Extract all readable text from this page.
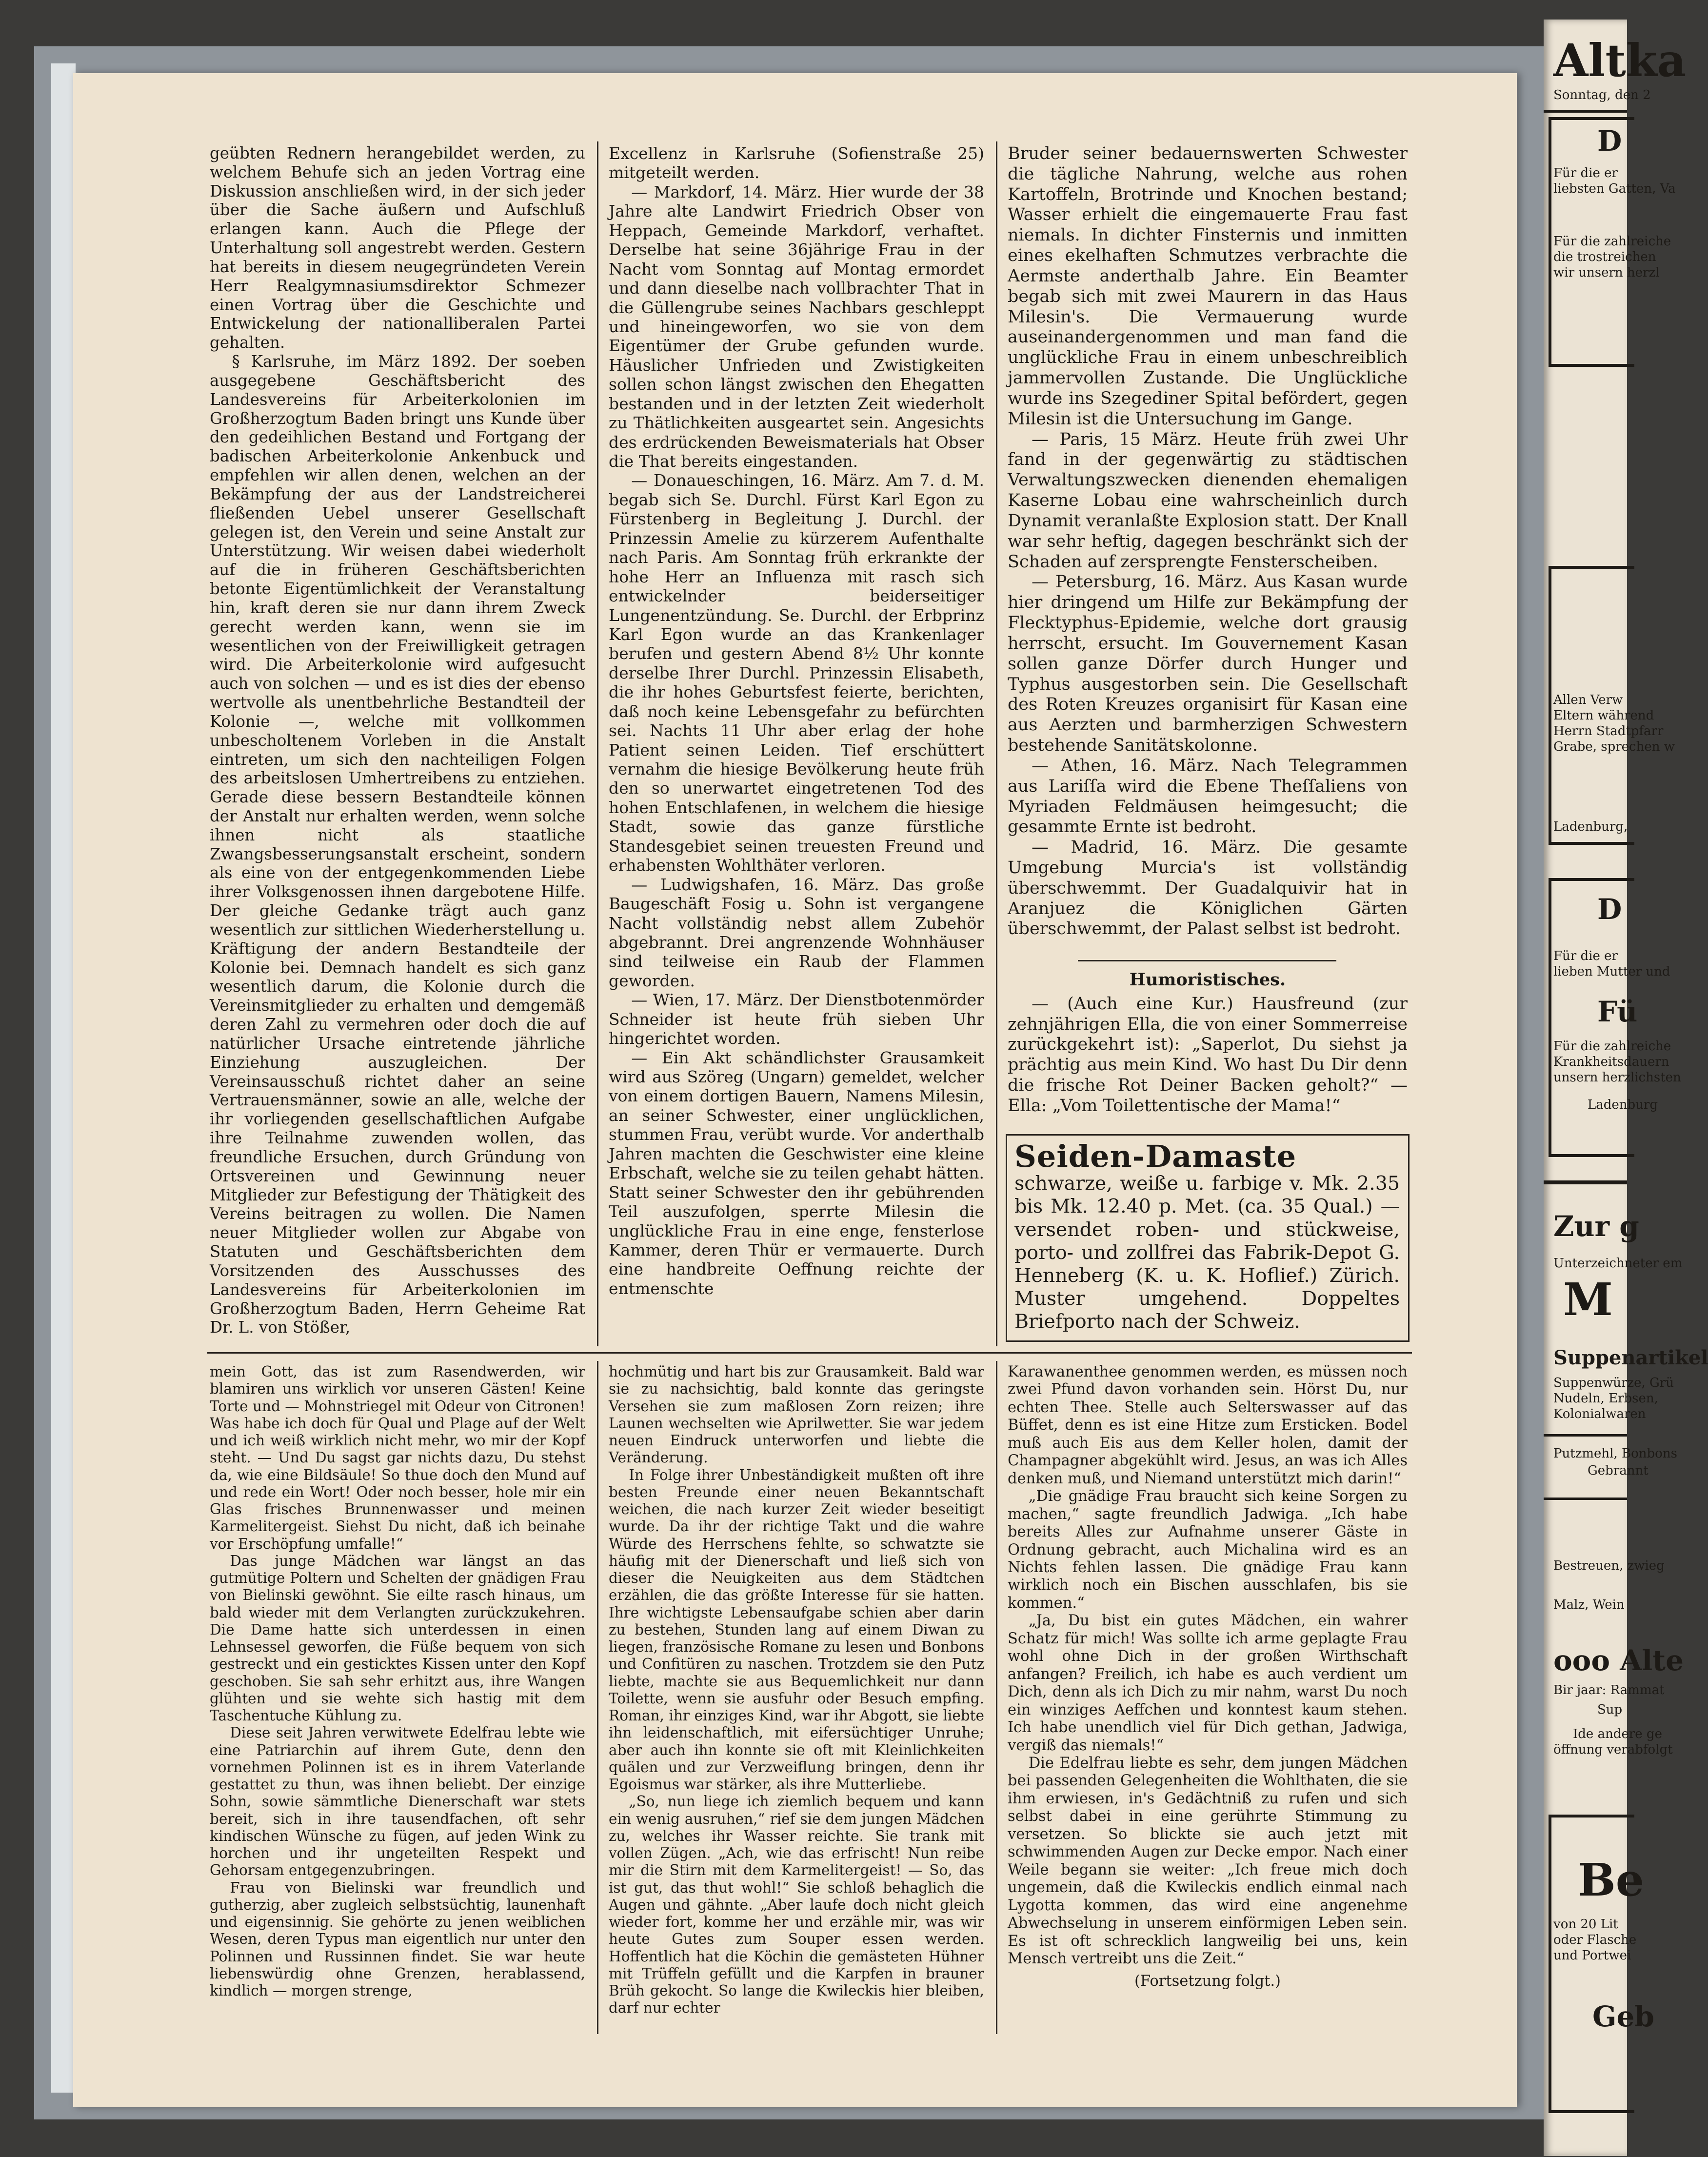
geübten Rednern herangebildet werden, zu welchem Behufe sich an jeden Vortrag eine Diskussion anschließen wird, in der sich jeder über die Sache äußern und Aufschluß erlangen kann. Auch die Pflege der Unterhaltung soll angestrebt werden. Gestern hat bereits in diesem neugegründeten Verein Herr Realgymnasiumsdirektor Schmezer einen Vortrag über die Geschichte und Entwickelung der nationalliberalen Partei gehalten.

§ Karlsruhe, im März 1892. Der soeben ausgegebene Geschäftsbericht des Landesvereins für Arbeiterkolonien im Großherzogtum Baden bringt uns Kunde über den gedeihlichen Bestand und Fortgang der badischen Arbeiterkolonie Ankenbuck und empfehlen wir allen denen, welchen an der Bekämpfung der aus der Landstreicherei fließenden Uebel unserer Gesellschaft gelegen ist, den Verein und seine Anstalt zur Unterstützung. Wir weisen dabei wiederholt auf die in früheren Geschäftsberichten betonte Eigentümlichkeit der Veranstaltung hin, kraft deren sie nur dann ihrem Zweck gerecht werden kann, wenn sie im wesentlichen von der Freiwilligkeit getragen wird. Die Arbeiterkolonie wird aufgesucht auch von solchen — und es ist dies der ebenso wertvolle als unentbehrliche Bestandteil der Kolonie —, welche mit vollkommen unbescholtenem Vorleben in die Anstalt eintreten, um sich den nachteiligen Folgen des arbeitslosen Umhertreibens zu entziehen. Gerade diese bessern Bestandteile können der Anstalt nur erhalten werden, wenn solche ihnen nicht als staatliche Zwangsbesserungsanstalt erscheint, sondern als eine von der entgegenkommenden Liebe ihrer Volksgenossen ihnen dargebotene Hilfe. Der gleiche Gedanke trägt auch ganz wesentlich zur sittlichen Wiederherstellung u. Kräftigung der andern Bestandteile der Kolonie bei. Demnach handelt es sich ganz wesentlich darum, die Kolonie durch die Vereinsmitglieder zu erhalten und demgemäß deren Zahl zu vermehren oder doch die auf natürlicher Ursache eintretende jährliche Einziehung auszugleichen. Der Vereinsausschuß richtet daher an seine Vertrauensmänner, sowie an alle, welche der ihr vorliegenden gesellschaftlichen Aufgabe ihre Teilnahme zuwenden wollen, das freundliche Ersuchen, durch Gründung von Ortsvereinen und Gewinnung neuer Mitglieder zur Befestigung der Thätigkeit des Vereins beitragen zu wollen. Die Namen neuer Mitglieder wollen zur Abgabe von Statuten und Geschäftsberichten dem Vorsitzenden des Ausschusses des Landesvereins für Arbeiterkolonien im Großherzogtum Baden, Herrn Geheime Rat Dr. L. von Stößer,

Excellenz in Karlsruhe (Sofienstraße 25) mitgeteilt werden.

— Markdorf, 14. März. Hier wurde der 38 Jahre alte Landwirt Friedrich Obser von Heppach, Gemeinde Markdorf, verhaftet. Derselbe hat seine 36jährige Frau in der Nacht vom Sonntag auf Montag ermordet und dann dieselbe nach vollbrachter That in die Güllengrube seines Nachbars geschleppt und hineingeworfen, wo sie von dem Eigentümer der Grube gefunden wurde. Häuslicher Unfrieden und Zwistigkeiten sollen schon längst zwischen den Ehegatten bestanden und in der letzten Zeit wiederholt zu Thätlichkeiten ausgeartet sein. Angesichts des erdrückenden Beweismaterials hat Obser die That bereits eingestanden.

— Donaueschingen, 16. März. Am 7. d. M. begab sich Se. Durchl. Fürst Karl Egon zu Fürstenberg in Begleitung J. Durchl. der Prinzessin Amelie zu kürzerem Aufenthalte nach Paris. Am Sonntag früh erkrankte der hohe Herr an Influenza mit rasch sich entwickelnder beiderseitiger Lungenentzündung. Se. Durchl. der Erbprinz Karl Egon wurde an das Krankenlager berufen und gestern Abend 8½ Uhr konnte derselbe Ihrer Durchl. Prinzessin Elisabeth, die ihr hohes Geburtsfest feierte, berichten, daß noch keine Lebensgefahr zu befürchten sei. Nachts 11 Uhr aber erlag der hohe Patient seinen Leiden. Tief erschüttert vernahm die hiesige Bevölkerung heute früh den so unerwartet eingetretenen Tod des hohen Entschlafenen, in welchem die hiesige Stadt, sowie das ganze fürstliche Standesgebiet seinen treuesten Freund und erhabensten Wohlthäter verloren.

— Ludwigshafen, 16. März. Das große Baugeschäft Fosig u. Sohn ist vergangene Nacht vollständig nebst allem Zubehör abgebrannt. Drei angrenzende Wohnhäuser sind teilweise ein Raub der Flammen geworden.

— Wien, 17. März. Der Dienstbotenmörder Schneider ist heute früh sieben Uhr hingerichtet worden.

— Ein Akt schändlichster Grausamkeit wird aus Szöreg (Ungarn) gemeldet, welcher von einem dortigen Bauern, Namens Milesin, an seiner Schwester, einer unglücklichen, stummen Frau, verübt wurde. Vor anderthalb Jahren machten die Geschwister eine kleine Erbschaft, welche sie zu teilen gehabt hätten. Statt seiner Schwester den ihr gebührenden Teil auszufolgen, sperrte Milesin die unglückliche Frau in eine enge, fensterlose Kammer, deren Thür er vermauerte. Durch eine handbreite Oeffnung reichte der entmenschte

Bruder seiner bedauernswerten Schwester die tägliche Nahrung, welche aus rohen Kartoffeln, Brotrinde und Knochen bestand; Wasser erhielt die eingemauerte Frau fast niemals. In dichter Finsternis und inmitten eines ekelhaften Schmutzes verbrachte die Aermste anderthalb Jahre. Ein Beamter begab sich mit zwei Maurern in das Haus Milesin's. Die Vermauerung wurde auseinandergenommen und man fand die unglückliche Frau in einem unbeschreiblich jammervollen Zustande. Die Unglückliche wurde ins Szegediner Spital befördert, gegen Milesin ist die Untersuchung im Gange.

— Paris, 15 März. Heute früh zwei Uhr fand in der gegenwärtig zu städtischen Verwaltungszwecken dienenden ehemaligen Kaserne Lobau eine wahrscheinlich durch Dynamit veranlaßte Explosion statt. Der Knall war sehr heftig, dagegen beschränkt sich der Schaden auf zersprengte Fensterscheiben.

— Petersburg, 16. März. Aus Kasan wurde hier dringend um Hilfe zur Bekämpfung der Flecktyphus-Epidemie, welche dort grausig herrscht, ersucht. Im Gouvernement Kasan sollen ganze Dörfer durch Hunger und Typhus ausgestorben sein. Die Gesellschaft des Roten Kreuzes organisirt für Kasan eine aus Aerzten und barmherzigen Schwestern bestehende Sanitätskolonne.

— Athen, 16. März. Nach Telegrammen aus Lariſſa wird die Ebene Theſſaliens von Myriaden Feldmäusen heimgesucht; die gesammte Ernte ist bedroht.

— Madrid, 16. März. Die gesamte Umgebung Murcia's ist vollständig überschwemmt. Der Guadalquivir hat in Aranjuez die Königlichen Gärten überschwemmt, der Palast selbst ist bedroht.

Humoristisches.

— (Auch eine Kur.) Hausfreund (zur zehnjährigen Ella, die von einer Sommerreise zurückgekehrt ist): „Saperlot, Du siehst ja prächtig aus mein Kind. Wo hast Du Dir denn die frische Rot Deiner Backen geholt?“ — Ella: „Vom Toilettentische der Mama!“

Seiden-Damaste schwarze, weiße u. farbige v. Mk. 2.35 bis Mk. 12.40 p. Met. (ca. 35 Qual.) — versendet roben- und stückweise, porto- und zollfrei das Fabrik-Depot G. Henneberg (K. u. K. Hoflief.) Zürich. Muster umgehend. Doppeltes Briefporto nach der Schweiz.

mein Gott, das ist zum Rasendwerden, wir blamiren uns wirklich vor unseren Gästen! Keine Torte und — Mohnstriegel mit Odeur von Citronen! Was habe ich doch für Qual und Plage auf der Welt und ich weiß wirklich nicht mehr, wo mir der Kopf steht. — Und Du sagst gar nichts dazu, Du stehst da, wie eine Bildsäule! So thue doch den Mund auf und rede ein Wort! Oder noch besser, hole mir ein Glas frisches Brunnenwasser und meinen Karmelitergeist. Siehst Du nicht, daß ich beinahe vor Erschöpfung umfalle!“

Das junge Mädchen war längst an das gutmütige Poltern und Schelten der gnädigen Frau von Bielinski gewöhnt. Sie eilte rasch hinaus, um bald wieder mit dem Verlangten zurückzukehren. Die Dame hatte sich unterdessen in einen Lehnsessel geworfen, die Füße bequem von sich gestreckt und ein gesticktes Kissen unter den Kopf geschoben. Sie sah sehr erhitzt aus, ihre Wangen glühten und sie wehte sich hastig mit dem Taschentuche Kühlung zu.

Diese seit Jahren verwitwete Edelfrau lebte wie eine Patriarchin auf ihrem Gute, denn den vornehmen Polinnen ist es in ihrem Vaterlande gestattet zu thun, was ihnen beliebt. Der einzige Sohn, sowie sämmtliche Dienerschaft war stets bereit, sich in ihre tausendfachen, oft sehr kindischen Wünsche zu fügen, auf jeden Wink zu horchen und ihr ungeteilten Respekt und Gehorsam entgegenzubringen.

Frau von Bielinski war freundlich und gutherzig, aber zugleich selbstsüchtig, launenhaft und eigensinnig. Sie gehörte zu jenen weiblichen Wesen, deren Typus man eigentlich nur unter den Polinnen und Russinnen findet. Sie war heute liebenswürdig ohne Grenzen, herablassend, kindlich — morgen strenge,

hochmütig und hart bis zur Grausamkeit. Bald war sie zu nachsichtig, bald konnte das geringste Versehen sie zum maßlosen Zorn reizen; ihre Launen wechselten wie Aprilwetter. Sie war jedem neuen Eindruck unterworfen und liebte die Veränderung.

In Folge ihrer Unbeständigkeit mußten oft ihre besten Freunde einer neuen Bekanntschaft weichen, die nach kurzer Zeit wieder beseitigt wurde. Da ihr der richtige Takt und die wahre Würde des Herrschens fehlte, so schwatzte sie häufig mit der Dienerschaft und ließ sich von dieser die Neuigkeiten aus dem Städtchen erzählen, die das größte Interesse für sie hatten. Ihre wichtigste Lebensaufgabe schien aber darin zu bestehen, Stunden lang auf einem Diwan zu liegen, französische Romane zu lesen und Bonbons und Confitüren zu naschen. Trotzdem sie den Putz liebte, machte sie aus Bequemlichkeit nur dann Toilette, wenn sie ausfuhr oder Besuch empfing. Roman, ihr einziges Kind, war ihr Abgott, sie liebte ihn leidenschaftlich, mit eifersüchtiger Unruhe; aber auch ihn konnte sie oft mit Kleinlichkeiten quälen und zur Verzweiflung bringen, denn ihr Egoismus war stärker, als ihre Mutterliebe.

„So, nun liege ich ziemlich bequem und kann ein wenig ausruhen,“ rief sie dem jungen Mädchen zu, welches ihr Wasser reichte. Sie trank mit vollen Zügen. „Ach, wie das erfrischt! Nun reibe mir die Stirn mit dem Karmelitergeist! — So, das ist gut, das thut wohl!“ Sie schloß behaglich die Augen und gähnte. „Aber laufe doch nicht gleich wieder fort, komme her und erzähle mir, was wir heute Gutes zum Souper essen werden. Hoffentlich hat die Köchin die gemästeten Hühner mit Trüffeln gefüllt und die Karpfen in brauner Brüh gekocht. So lange die Kwileckis hier bleiben, darf nur echter

Karawanenthee genommen werden, es müssen noch zwei Pfund davon vorhanden sein. Hörst Du, nur echten Thee. Stelle auch Selterswasser auf das Büffet, denn es ist eine Hitze zum Ersticken. Bodel muß auch Eis aus dem Keller holen, damit der Champagner abgekühlt wird. Jesus, an was ich Alles denken muß, und Niemand unterstützt mich darin!“

„Die gnädige Frau braucht sich keine Sorgen zu machen,“ sagte freundlich Jadwiga. „Ich habe bereits Alles zur Aufnahme unserer Gäste in Ordnung gebracht, auch Michalina wird es an Nichts fehlen lassen. Die gnädige Frau kann wirklich noch ein Bischen ausschlafen, bis sie kommen.“

„Ja, Du bist ein gutes Mädchen, ein wahrer Schatz für mich! Was sollte ich arme geplagte Frau wohl ohne Dich in der großen Wirthschaft anfangen? Freilich, ich habe es auch verdient um Dich, denn als ich Dich zu mir nahm, warst Du noch ein winziges Aeffchen und konntest kaum stehen. Ich habe unendlich viel für Dich gethan, Jadwiga, vergiß das niemals!“

Die Edelfrau liebte es sehr, dem jungen Mädchen bei passenden Gelegenheiten die Wohlthaten, die sie ihm erwiesen, in's Gedächtniß zu rufen und sich selbst dabei in eine gerührte Stimmung zu versetzen. So blickte sie auch jetzt mit schwimmenden Augen zur Decke empor. Nach einer Weile begann sie weiter: „Ich freue mich doch ungemein, daß die Kwileckis endlich einmal nach Lygotta kommen, das wird eine angenehme Abwechselung in unserem einförmigen Leben sein. Es ist oft schrecklich langweilig bei uns, kein Mensch vertreibt uns die Zeit.“

(Fortsetzung folgt.)

Altka
Sonntag, den 2
D
Für die er
liebsten Gatten, Va
Für die zahlreiche
die trostreichen
wir unsern herzl
Allen Verw
Eltern während
Herrn Stadtpfarr
Grabe, sprechen w
Ladenburg,
D
Für die er
lieben Mutter und
Fü
Für die zahlreiche
Krankheitsdauern
unsern herzlichsten
Ladenburg
Zur g
Unterzeichneter em
M
Suppenartikel
Suppenwürze, Grü
Nudeln, Erbsen,
Kolonialwaren
Putzmehl, Bonbons
Gebrannt
Bestreuen, zwieg
Malz, Wein
ooo Alte
Bir jaar: Rammat
Sup
Ide andere ge
öffnung verabfolgt
Be
von 20 Lit
oder Flasche
und Portwei
Geb
